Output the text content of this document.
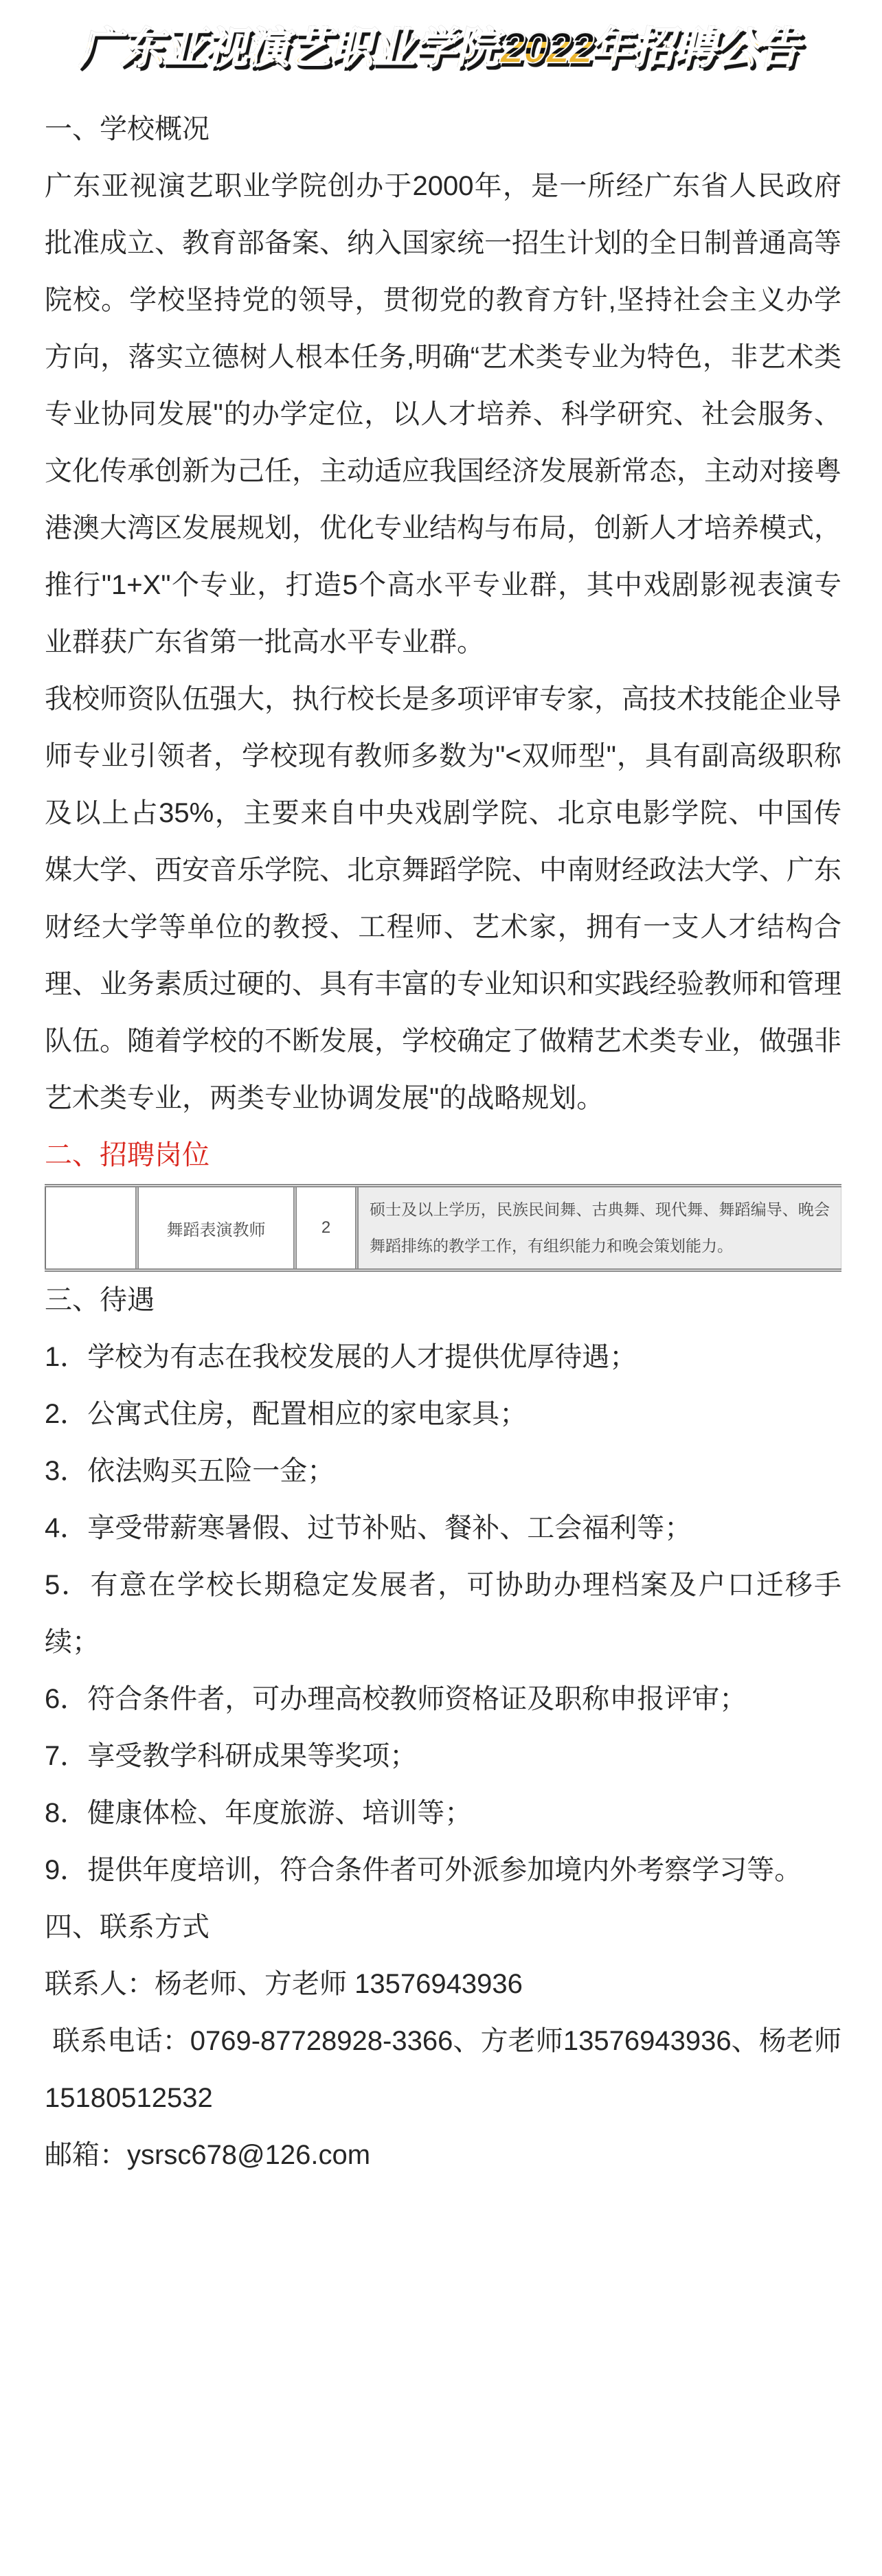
广东亚视演艺职业学院2022年招聘公告
一、学校概况

广东亚视演艺职业学院创办于2000年，是一所经广东省人民政府批准成立、教育部备案、纳入国家统一招生计划的全日制普通高等院校。学校坚持党的领导，贯彻党的教育方针,坚持社会主义办学方向，落实立德树人根本任务,明确“艺术类专业为特色，非艺术类专业协同发展"的办学定位，以人才培养、科学研究、社会服务、文化传承创新为己任，主动适应我国经济发展新常态，主动对接粤港澳大湾区发展规划，优化专业结构与布局，创新人才培养模式，推行"1+X"个专业，打造5个高水平专业群，其中戏剧影视表演专业群获广东省第一批高水平专业群。

我校师资队伍强大，执行校长是多项评审专家，高技术技能企业导师专业引领者，学校现有教师多数为"<双师型"，具有副高级职称及以上占35%，主要来自中央戏剧学院、北京电影学院、中国传媒大学、西安音乐学院、北京舞蹈学院、中南财经政法大学、广东财经大学等单位的教授、工程师、艺术家，拥有一支人才结构合理、业务素质过硬的、具有丰富的专业知识和实践经验教师和管理队伍。随着学校的不断发展，学校确定了做精艺术类专业，做强非艺术类专业，两类专业协调发展"的战略规划。

二、招聘岗位
舞蹈表演教师	2
硕士及以上学历，民族民间舞、古典舞、现代舞、舞蹈编导、晚会舞蹈排练的教学工作，有组织能力和晚会策划能力。
三、待遇

1．学校为有志在我校发展的人才提供优厚待遇；

2．公寓式住房，配置相应的家电家具；

3．依法购买五险一金；

4．享受带薪寒暑假、过节补贴、餐补、工会福利等；

5．有意在学校长期稳定发展者，可协助办理档案及户口迁移手续；

6．符合条件者，可办理高校教师资格证及职称申报评审；

7．享受教学科研成果等奖项；

8．健康体检、年度旅游、培训等；

9．提供年度培训，符合条件者可外派参加境内外考察学习等。

四、联系方式

联系人：杨老师、方老师 13576943936

联系电话：0769-87728928-3366、方老师13576943936、杨老师15180512532

邮箱：ysrsc678@126.com
